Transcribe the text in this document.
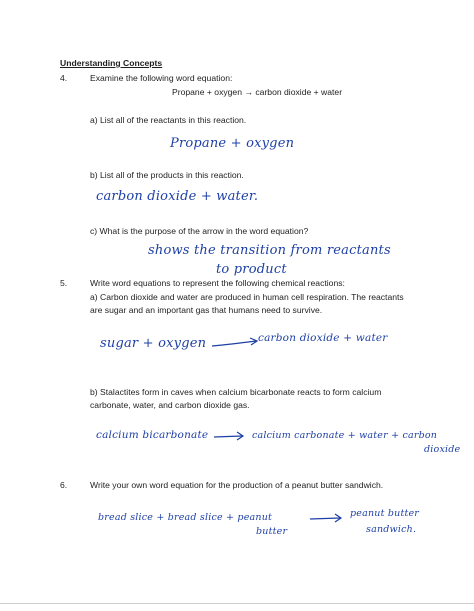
Understanding Concepts
4.	Examine the following word equation:
Propane + oxygen → carbon dioxide + water
a) List all of the reactants in this reaction.
Propane + oxygen
b) List all of the products in this reaction.
carbon dioxide + water.
c) What is the purpose of the arrow in the word equation?
shows the transition from reactants
to product
5.	Write word equations to represent the following chemical reactions:
a) Carbon dioxide and water are produced in human cell respiration. The reactants
are sugar and an important gas that humans need to survive.
sugar + oxygen	carbon dioxide + water
b) Stalactites form in caves when calcium bicarbonate reacts to form calcium
carbonate, water, and carbon dioxide gas.
calcium bicarbonate	calcium carbonate + water + carbon
dioxide
6.	Write your own word equation for the production of a peanut butter sandwich.
bread slice + bread slice + peanut
butter
peanut butter
sandwich.
